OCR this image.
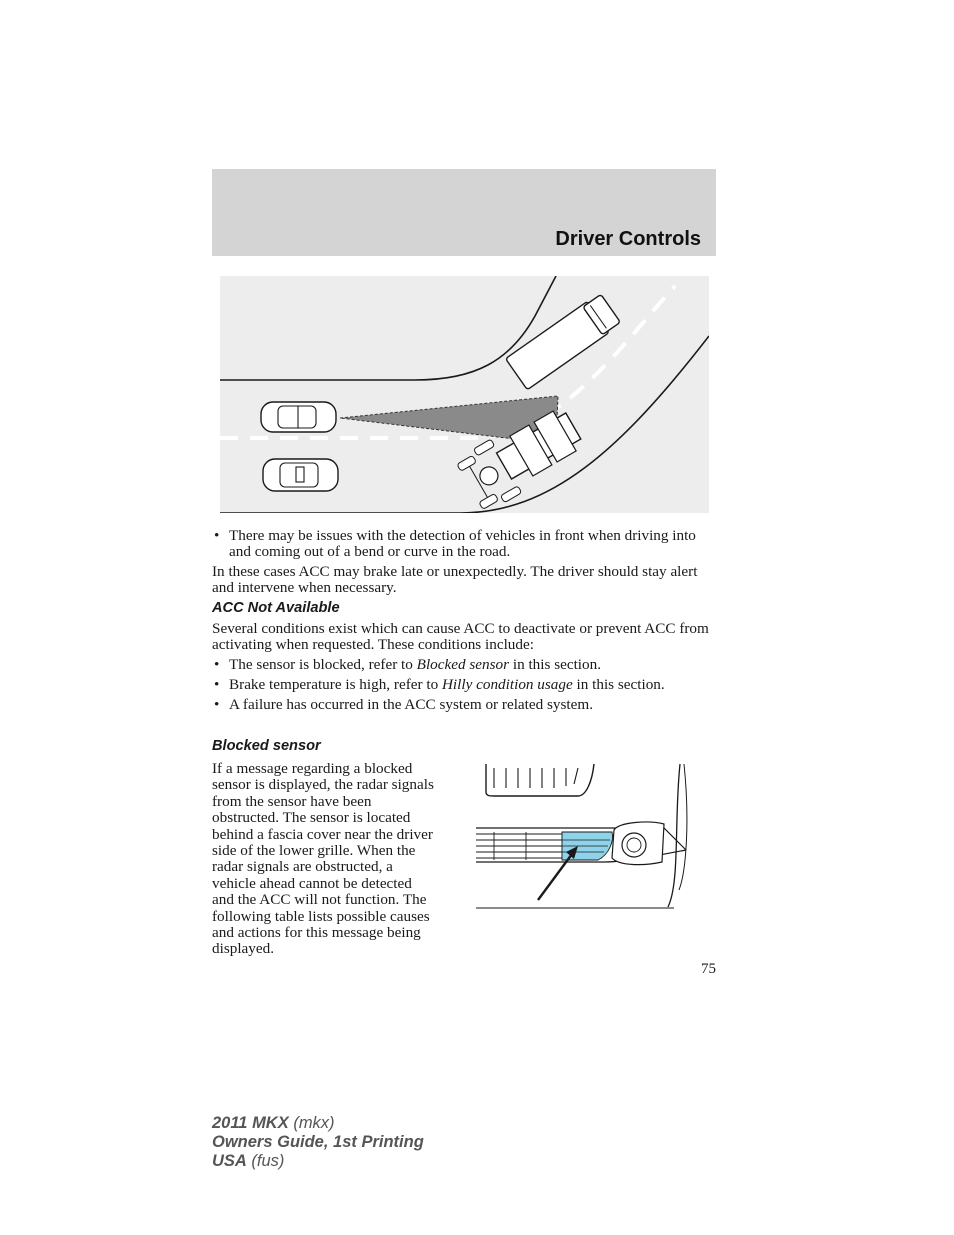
Driver Controls
• There may be issues with the detection of vehicles in front when driving into and coming out of a bend or curve in the road.

In these cases ACC may brake late or unexpectedly. The driver should stay alert and intervene when necessary.

ACC Not Available

Several conditions exist which can cause ACC to deactivate or prevent ACC from activating when requested. These conditions include:

• The sensor is blocked, refer to Blocked sensor in this section.
• Brake temperature is high, refer to Hilly condition usage in this section.
• A failure has occurred in the ACC system or related system.
Blocked sensor
If a message regarding a blocked
sensor is displayed, the radar signals
from the sensor have been
obstructed. The sensor is located
behind a fascia cover near the driver
side of the lower grille. When the
radar signals are obstructed, a
vehicle ahead cannot be detected
and the ACC will not function. The
following table lists possible causes
and actions for this message being
displayed.
75
2011 MKX (mkx)
Owners Guide, 1st Printing
USA (fus)
